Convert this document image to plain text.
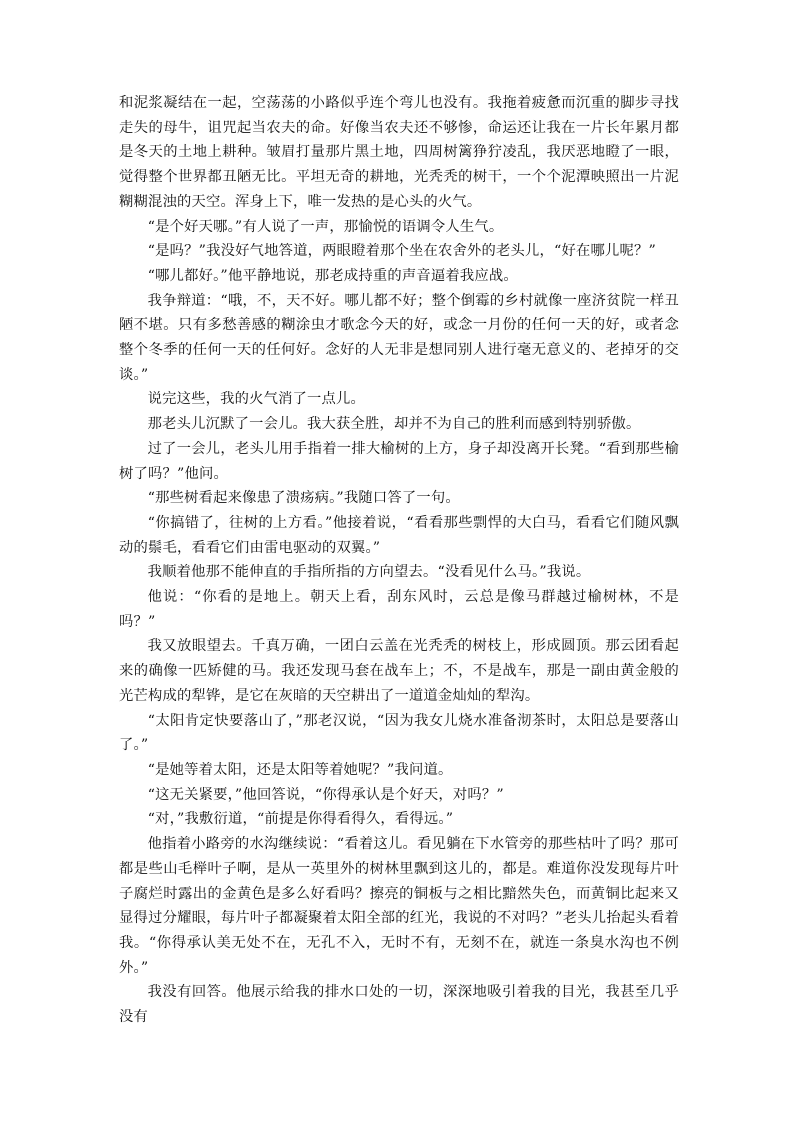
和泥浆凝结在一起，空荡荡的小路似乎连个弯儿也没有。我拖着疲惫而沉重的脚步寻找走失的母牛，诅咒起当农夫的命。好像当农夫还不够惨，命运还让我在一片长年累月都是冬天的土地上耕种。皱眉打量那片黑土地，四周树篱狰狞凌乱，我厌恶地瞪了一眼，觉得整个世界都丑陋无比。平坦无奇的耕地，光秃秃的树干，一个个泥潭映照出一片泥糊糊混浊的天空。浑身上下，唯一发热的是心头的火气。

“是个好天哪。”有人说了一声，那愉悦的语调令人生气。

“是吗？”我没好气地答道，两眼瞪着那个坐在农舍外的老头儿，“好在哪儿呢？”

“哪儿都好。”他平静地说，那老成持重的声音逼着我应战。

我争辩道：“哦，不，天不好。哪儿都不好；整个倒霉的乡村就像一座济贫院一样丑陋不堪。只有多愁善感的糊涂虫才歌念今天的好，或念一月份的任何一天的好，或者念整个冬季的任何一天的任何好。念好的人无非是想同别人进行毫无意义的、老掉牙的交谈。”

说完这些，我的火气消了一点儿。

那老头儿沉默了一会儿。我大获全胜，却并不为自己的胜利而感到特别骄傲。

过了一会儿，老头儿用手指着一排大榆树的上方，身子却没离开长凳。“看到那些榆树了吗？”他问。

“那些树看起来像患了溃疡病。”我随口答了一句。

“你搞错了，往树的上方看。”他接着说，“看看那些剽悍的大白马，看看它们随风飘动的鬃毛，看看它们由雷电驱动的双翼。”

我顺着他那不能伸直的手指所指的方向望去。“没看见什么马。”我说。

他说：“你看的是地上。朝天上看，刮东风时，云总是像马群越过榆树林，不是吗？”

我又放眼望去。千真万确，一团白云盖在光秃秃的树枝上，形成圆顶。那云团看起来的确像一匹矫健的马。我还发现马套在战车上；不，不是战车，那是一副由黄金般的光芒构成的犁铧，是它在灰暗的天空耕出了一道道金灿灿的犁沟。

“太阳肯定快要落山了，”那老汉说，“因为我女儿烧水准备沏茶时，太阳总是要落山了。”

“是她等着太阳，还是太阳等着她呢？”我问道。

“这无关紧要，”他回答说，“你得承认是个好天，对吗？”

“对，”我敷衍道，“前提是你得看得久，看得远。”

他指着小路旁的水沟继续说：“看着这儿。看见躺在下水管旁的那些枯叶了吗？那可都是些山毛榉叶子啊，是从一英里外的树林里飘到这儿的，都是。难道你没发现每片叶子腐烂时露出的金黄色是多么好看吗？擦亮的铜板与之相比黯然失色，而黄铜比起来又显得过分耀眼，每片叶子都凝聚着太阳全部的红光，我说的不对吗？”老头儿抬起头看着我。“你得承认美无处不在，无孔不入，无时不有，无刻不在，就连一条臭水沟也不例外。”

我没有回答。他展示给我的排水口处的一切，深深地吸引着我的目光，我甚至几乎没有
